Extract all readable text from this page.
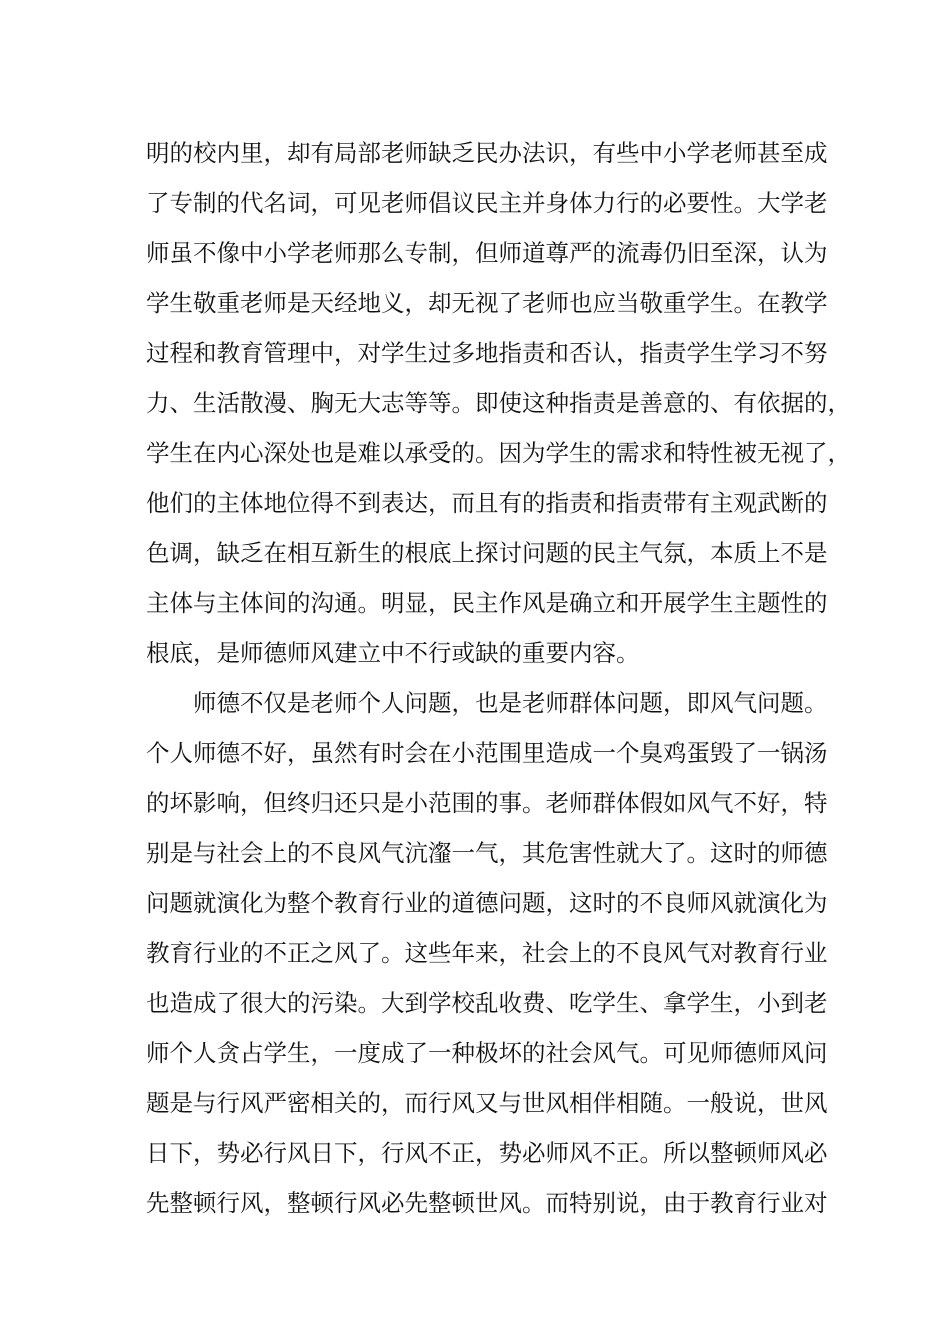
明的校内里，却有局部老师缺乏民办法识，有些中小学老师甚至成
了专制的代名词，可见老师倡议民主并身体力行的必要性。大学老
师虽不像中小学老师那么专制，但师道尊严的流毒仍旧至深，认为
学生敬重老师是天经地义，却无视了老师也应当敬重学生。在教学
过程和教育管理中，对学生过多地指责和否认，指责学生学习不努
力、生活散漫、胸无大志等等。即使这种指责是善意的、有依据的，
学生在内心深处也是难以承受的。因为学生的需求和特性被无视了，
他们的主体地位得不到表达，而且有的指责和指责带有主观武断的
色调，缺乏在相互新生的根底上探讨问题的民主气氛，本质上不是
主体与主体间的沟通。明显，民主作风是确立和开展学生主题性的
根底，是师德师风建立中不行或缺的重要内容。
师德不仅是老师个人问题，也是老师群体问题，即风气问题。
个人师德不好，虽然有时会在小范围里造成一个臭鸡蛋毁了一锅汤
的坏影响，但终归还只是小范围的事。老师群体假如风气不好，特
别是与社会上的不良风气沆瀣一气，其危害性就大了。这时的师德
问题就演化为整个教育行业的道德问题，这时的不良师风就演化为
教育行业的不正之风了。这些年来，社会上的不良风气对教育行业
也造成了很大的污染。大到学校乱收费、吃学生、拿学生，小到老
师个人贪占学生，一度成了一种极坏的社会风气。可见师德师风问
题是与行风严密相关的，而行风又与世风相伴相随。一般说，世风
日下，势必行风日下，行风不正，势必师风不正。所以整顿师风必
先整顿行风，整顿行风必先整顿世风。而特别说，由于教育行业对
